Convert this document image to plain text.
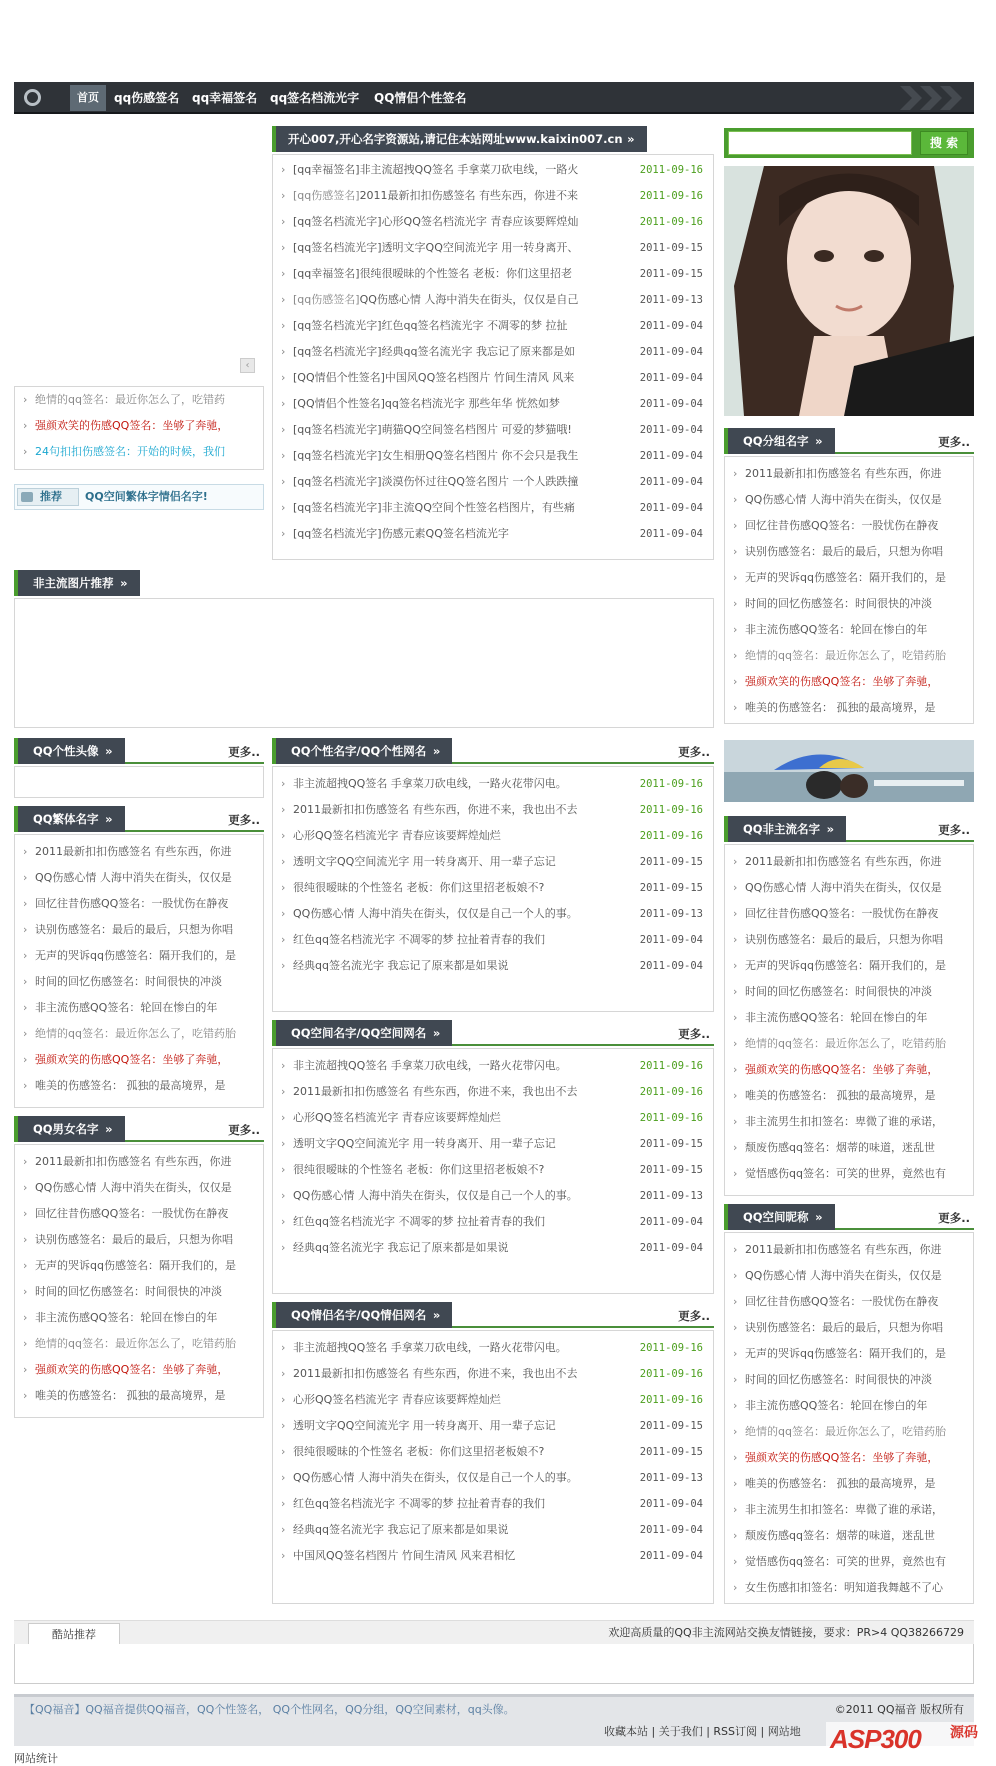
首页	qq伤感签名 qq幸福签名 qq签名档流光字 QQ情侣个性签名
‹
› 绝情的qq签名：最近你怎么了，吃错药
› 强颜欢笑的伤感QQ签名：坐够了奔驰，
› 24句扣扣伤感签名：开始的时候，我们
推荐	QQ空间繁体字情侣名字!
开心007,开心名字资源站,请记住本站网址www.kaixin007.cn »
› [qq幸福签名]非主流超拽QQ签名 手拿菜刀砍电线，一路火	2011-09-16
› [qq伤感签名]2011最新扣扣伤感签名 有些东西，你进不来	2011-09-16
› [qq签名档流光字]心形QQ签名档流光字 青春应该要辉煌灿	2011-09-16
› [qq签名档流光字]透明文字QQ空间流光字 用一转身离开、	2011-09-15
› [qq幸福签名]很纯很暧昧的个性签名 老板：你们这里招老	2011-09-15
› [qq伤感签名]QQ伤感心情 人海中消失在街头，仅仅是自己	2011-09-13
› [qq签名档流光字]红色qq签名档流光字 不凋零的梦 拉扯	2011-09-04
› [qq签名档流光字]经典qq签名流光字 我忘记了原来都是如	2011-09-04
› [QQ情侣个性签名]中国风QQ签名档图片 竹间生清风 风来	2011-09-04
› [QQ情侣个性签名]qq签名档流光字 那些年华 恍然如梦	2011-09-04
› [qq签名档流光字]萌猫QQ空间签名档图片 可爱的梦猫哦!	2011-09-04
› [qq签名档流光字]女生相册QQ签名档图片 你不会只是我生	2011-09-04
› [qq签名档流光字]淡漠伤怀过往QQ签名图片 一个人跌跌撞	2011-09-04
› [qq签名档流光字]非主流QQ空间个性签名档图片，有些痛	2011-09-04
› [qq签名档流光字]伤感元素QQ签名档流光字	2011-09-04
搜 索
QQ分组名字 »	更多..
› 2011最新扣扣伤感签名 有些东西，你进
› QQ伤感心情 人海中消失在街头，仅仅是
› 回忆往昔伤感QQ签名：一股忧伤在静夜
› 诀别伤感签名：最后的最后，只想为你唱
› 无声的哭诉qq伤感签名：隔开我们的，是
› 时间的回忆伤感签名：时间很快的冲淡
› 非主流伤感QQ签名：轮回在惨白的年
› 绝情的qq签名：最近你怎么了，吃错药胎
› 强颜欢笑的伤感QQ签名：坐够了奔驰，
› 唯美的伤感签名： 孤独的最高境界，是
非主流图片推荐 »
QQ个性头像 »	更多..
QQ繁体名字 »	更多..
› 2011最新扣扣伤感签名 有些东西，你进
› QQ伤感心情 人海中消失在街头，仅仅是
› 回忆往昔伤感QQ签名：一股忧伤在静夜
› 诀别伤感签名：最后的最后，只想为你唱
› 无声的哭诉qq伤感签名：隔开我们的，是
› 时间的回忆伤感签名：时间很快的冲淡
› 非主流伤感QQ签名：轮回在惨白的年
› 绝情的qq签名：最近你怎么了，吃错药胎
› 强颜欢笑的伤感QQ签名：坐够了奔驰，
› 唯美的伤感签名： 孤独的最高境界，是
QQ男女名字 »	更多..
› 2011最新扣扣伤感签名 有些东西，你进
› QQ伤感心情 人海中消失在街头，仅仅是
› 回忆往昔伤感QQ签名：一股忧伤在静夜
› 诀别伤感签名：最后的最后，只想为你唱
› 无声的哭诉qq伤感签名：隔开我们的，是
› 时间的回忆伤感签名：时间很快的冲淡
› 非主流伤感QQ签名：轮回在惨白的年
› 绝情的qq签名：最近你怎么了，吃错药胎
› 强颜欢笑的伤感QQ签名：坐够了奔驰，
› 唯美的伤感签名： 孤独的最高境界，是
QQ个性名字/QQ个性网名 »	更多..
› 非主流超拽QQ签名 手拿菜刀砍电线，一路火花带闪电。	2011-09-16
› 2011最新扣扣伤感签名 有些东西，你进不来，我也出不去	2011-09-16
› 心形QQ签名档流光字 青春应该要辉煌灿烂	2011-09-16
› 透明文字QQ空间流光字 用一转身离开、用一辈子忘记	2011-09-15
› 很纯很暧昧的个性签名 老板：你们这里招老板娘不?	2011-09-15
› QQ伤感心情 人海中消失在街头，仅仅是自己一个人的事。	2011-09-13
› 红色qq签名档流光字 不凋零的梦 拉扯着青春的我们	2011-09-04
› 经典qq签名流光字 我忘记了原来都是如果说	2011-09-04
QQ空间名字/QQ空间网名 »	更多..
› 非主流超拽QQ签名 手拿菜刀砍电线，一路火花带闪电。	2011-09-16
› 2011最新扣扣伤感签名 有些东西，你进不来，我也出不去	2011-09-16
› 心形QQ签名档流光字 青春应该要辉煌灿烂	2011-09-16
› 透明文字QQ空间流光字 用一转身离开、用一辈子忘记	2011-09-15
› 很纯很暧昧的个性签名 老板：你们这里招老板娘不?	2011-09-15
› QQ伤感心情 人海中消失在街头，仅仅是自己一个人的事。	2011-09-13
› 红色qq签名档流光字 不凋零的梦 拉扯着青春的我们	2011-09-04
› 经典qq签名流光字 我忘记了原来都是如果说	2011-09-04
QQ情侣名字/QQ情侣网名 »	更多..
› 非主流超拽QQ签名 手拿菜刀砍电线，一路火花带闪电。	2011-09-16
› 2011最新扣扣伤感签名 有些东西，你进不来，我也出不去	2011-09-16
› 心形QQ签名档流光字 青春应该要辉煌灿烂	2011-09-16
› 透明文字QQ空间流光字 用一转身离开、用一辈子忘记	2011-09-15
› 很纯很暧昧的个性签名 老板：你们这里招老板娘不?	2011-09-15
› QQ伤感心情 人海中消失在街头，仅仅是自己一个人的事。	2011-09-13
› 红色qq签名档流光字 不凋零的梦 拉扯着青春的我们	2011-09-04
› 经典qq签名流光字 我忘记了原来都是如果说	2011-09-04
› 中国风QQ签名档图片 竹间生清风 风来君相忆	2011-09-04
QQ非主流名字 »	更多..
› 2011最新扣扣伤感签名 有些东西，你进
› QQ伤感心情 人海中消失在街头，仅仅是
› 回忆往昔伤感QQ签名：一股忧伤在静夜
› 诀别伤感签名：最后的最后，只想为你唱
› 无声的哭诉qq伤感签名：隔开我们的，是
› 时间的回忆伤感签名：时间很快的冲淡
› 非主流伤感QQ签名：轮回在惨白的年
› 绝情的qq签名：最近你怎么了，吃错药胎
› 强颜欢笑的伤感QQ签名：坐够了奔驰，
› 唯美的伤感签名： 孤独的最高境界，是
› 非主流男生扣扣签名：卑微了谁的承诺，
› 颓废伤感qq签名：烟蒂的味道，迷乱世
› 觉悟感伤qq签名：可笑的世界，竟然也有
QQ空间昵称 »	更多..
› 2011最新扣扣伤感签名 有些东西，你进
› QQ伤感心情 人海中消失在街头，仅仅是
› 回忆往昔伤感QQ签名：一股忧伤在静夜
› 诀别伤感签名：最后的最后，只想为你唱
› 无声的哭诉qq伤感签名：隔开我们的，是
› 时间的回忆伤感签名：时间很快的冲淡
› 非主流伤感QQ签名：轮回在惨白的年
› 绝情的qq签名：最近你怎么了，吃错药胎
› 强颜欢笑的伤感QQ签名：坐够了奔驰，
› 唯美的伤感签名： 孤独的最高境界，是
› 非主流男生扣扣签名：卑微了谁的承诺，
› 颓废伤感qq签名：烟蒂的味道，迷乱世
› 觉悟感伤qq签名：可笑的世界，竟然也有
› 女生伤感扣扣签名：明知道我舞越不了心
酷站推荐	欢迎高质量的QQ非主流网站交换友情链接，要求：PR>4 QQ38266729
【QQ福音】QQ福音提供QQ福音，QQ个性签名， QQ个性网名，QQ分组，QQ空间素材，qq头像。	©2011 QQ福音 版权所有
收藏本站 | 关于我们 | RSS订阅 | 网站地
网站统计
ASP300 源码
